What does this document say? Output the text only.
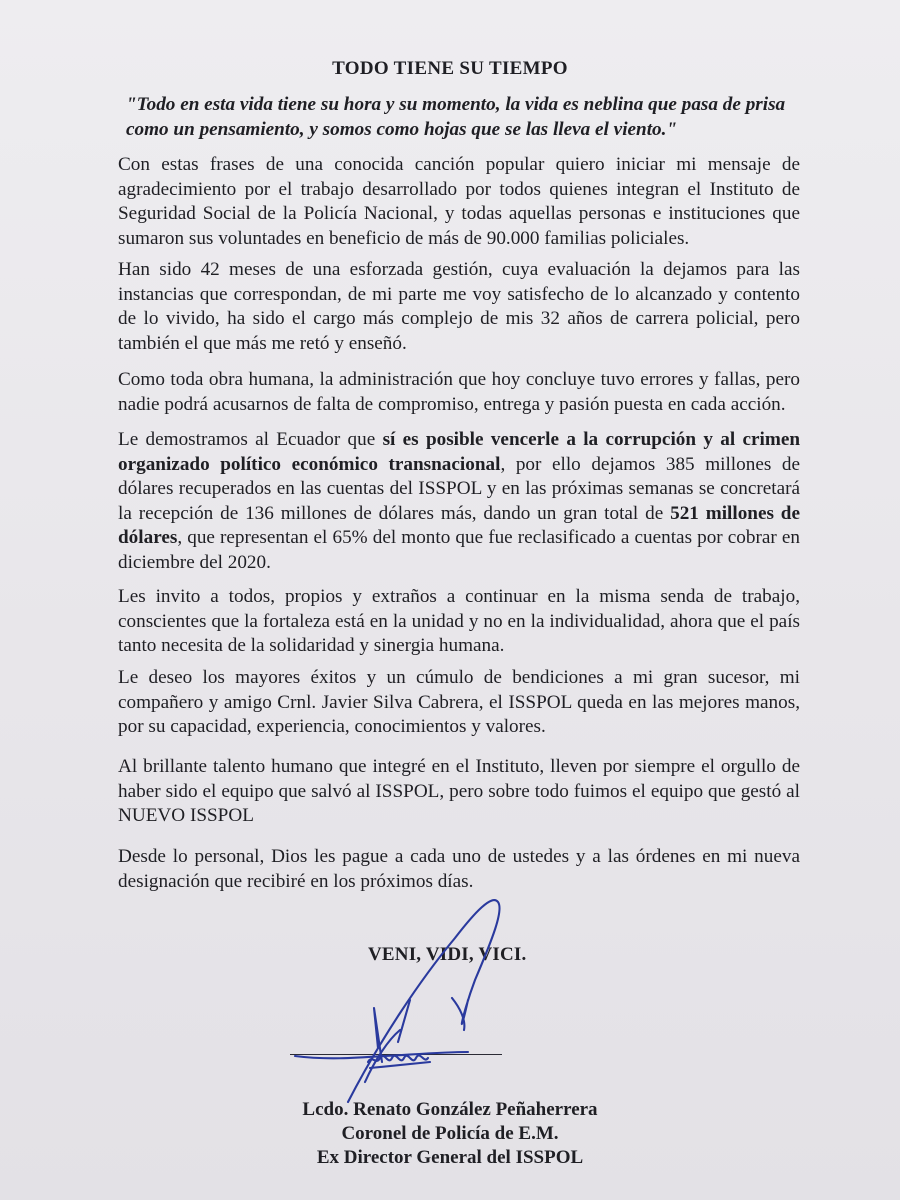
TODO TIENE SU TIEMPO
"Todo en esta vida tiene su hora y su momento, la vida es neblina que pasa de prisa
como un pensamiento, y somos como hojas que se las lleva el viento."

Con estas frases de una conocida canción popular quiero iniciar mi mensaje de agradecimiento por el trabajo desarrollado por todos quienes integran el Instituto de Seguridad Social de la Policía Nacional, y todas aquellas personas e instituciones que sumaron sus voluntades en beneficio de más de 90.000 familias policiales.

Han sido 42 meses de una esforzada gestión, cuya evaluación la dejamos para las instancias que correspondan, de mi parte me voy satisfecho de lo alcanzado y contento de lo vivido, ha sido el cargo más complejo de mis 32 años de carrera policial, pero también el que más me retó y enseñó.

Como toda obra humana, la administración que hoy concluye tuvo errores y fallas, pero nadie podrá acusarnos de falta de compromiso, entrega y pasión puesta en cada acción.

Le demostramos al Ecuador que sí es posible vencerle a la corrupción y al crimen organizado político económico transnacional, por ello dejamos 385 millones de dólares recuperados en las cuentas del ISSPOL y en las próximas semanas se concretará la recepción de 136 millones de dólares más, dando un gran total de 521 millones de dólares, que representan el 65% del monto que fue reclasificado a cuentas por cobrar en diciembre del 2020.

Les invito a todos, propios y extraños a continuar en la misma senda de trabajo, conscientes que la fortaleza está en la unidad y no en la individualidad, ahora que el país tanto necesita de la solidaridad y sinergia humana.

Le deseo los mayores éxitos y un cúmulo de bendiciones a mi gran sucesor, mi compañero y amigo Crnl. Javier Silva Cabrera, el ISSPOL queda en las mejores manos, por su capacidad, experiencia, conocimientos y valores.

Al brillante talento humano que integré en el Instituto, lleven por siempre el orgullo de haber sido el equipo que salvó al ISSPOL, pero sobre todo fuimos el equipo que gestó al NUEVO ISSPOL

Desde lo personal, Dios les pague a cada uno de ustedes y a las órdenes en mi nueva designación que recibiré en los próximos días.

VENI, VIDI, VICI.
Lcdo. Renato González Peñaherrera
Coronel de Policía de E.M.
Ex Director General del ISSPOL
